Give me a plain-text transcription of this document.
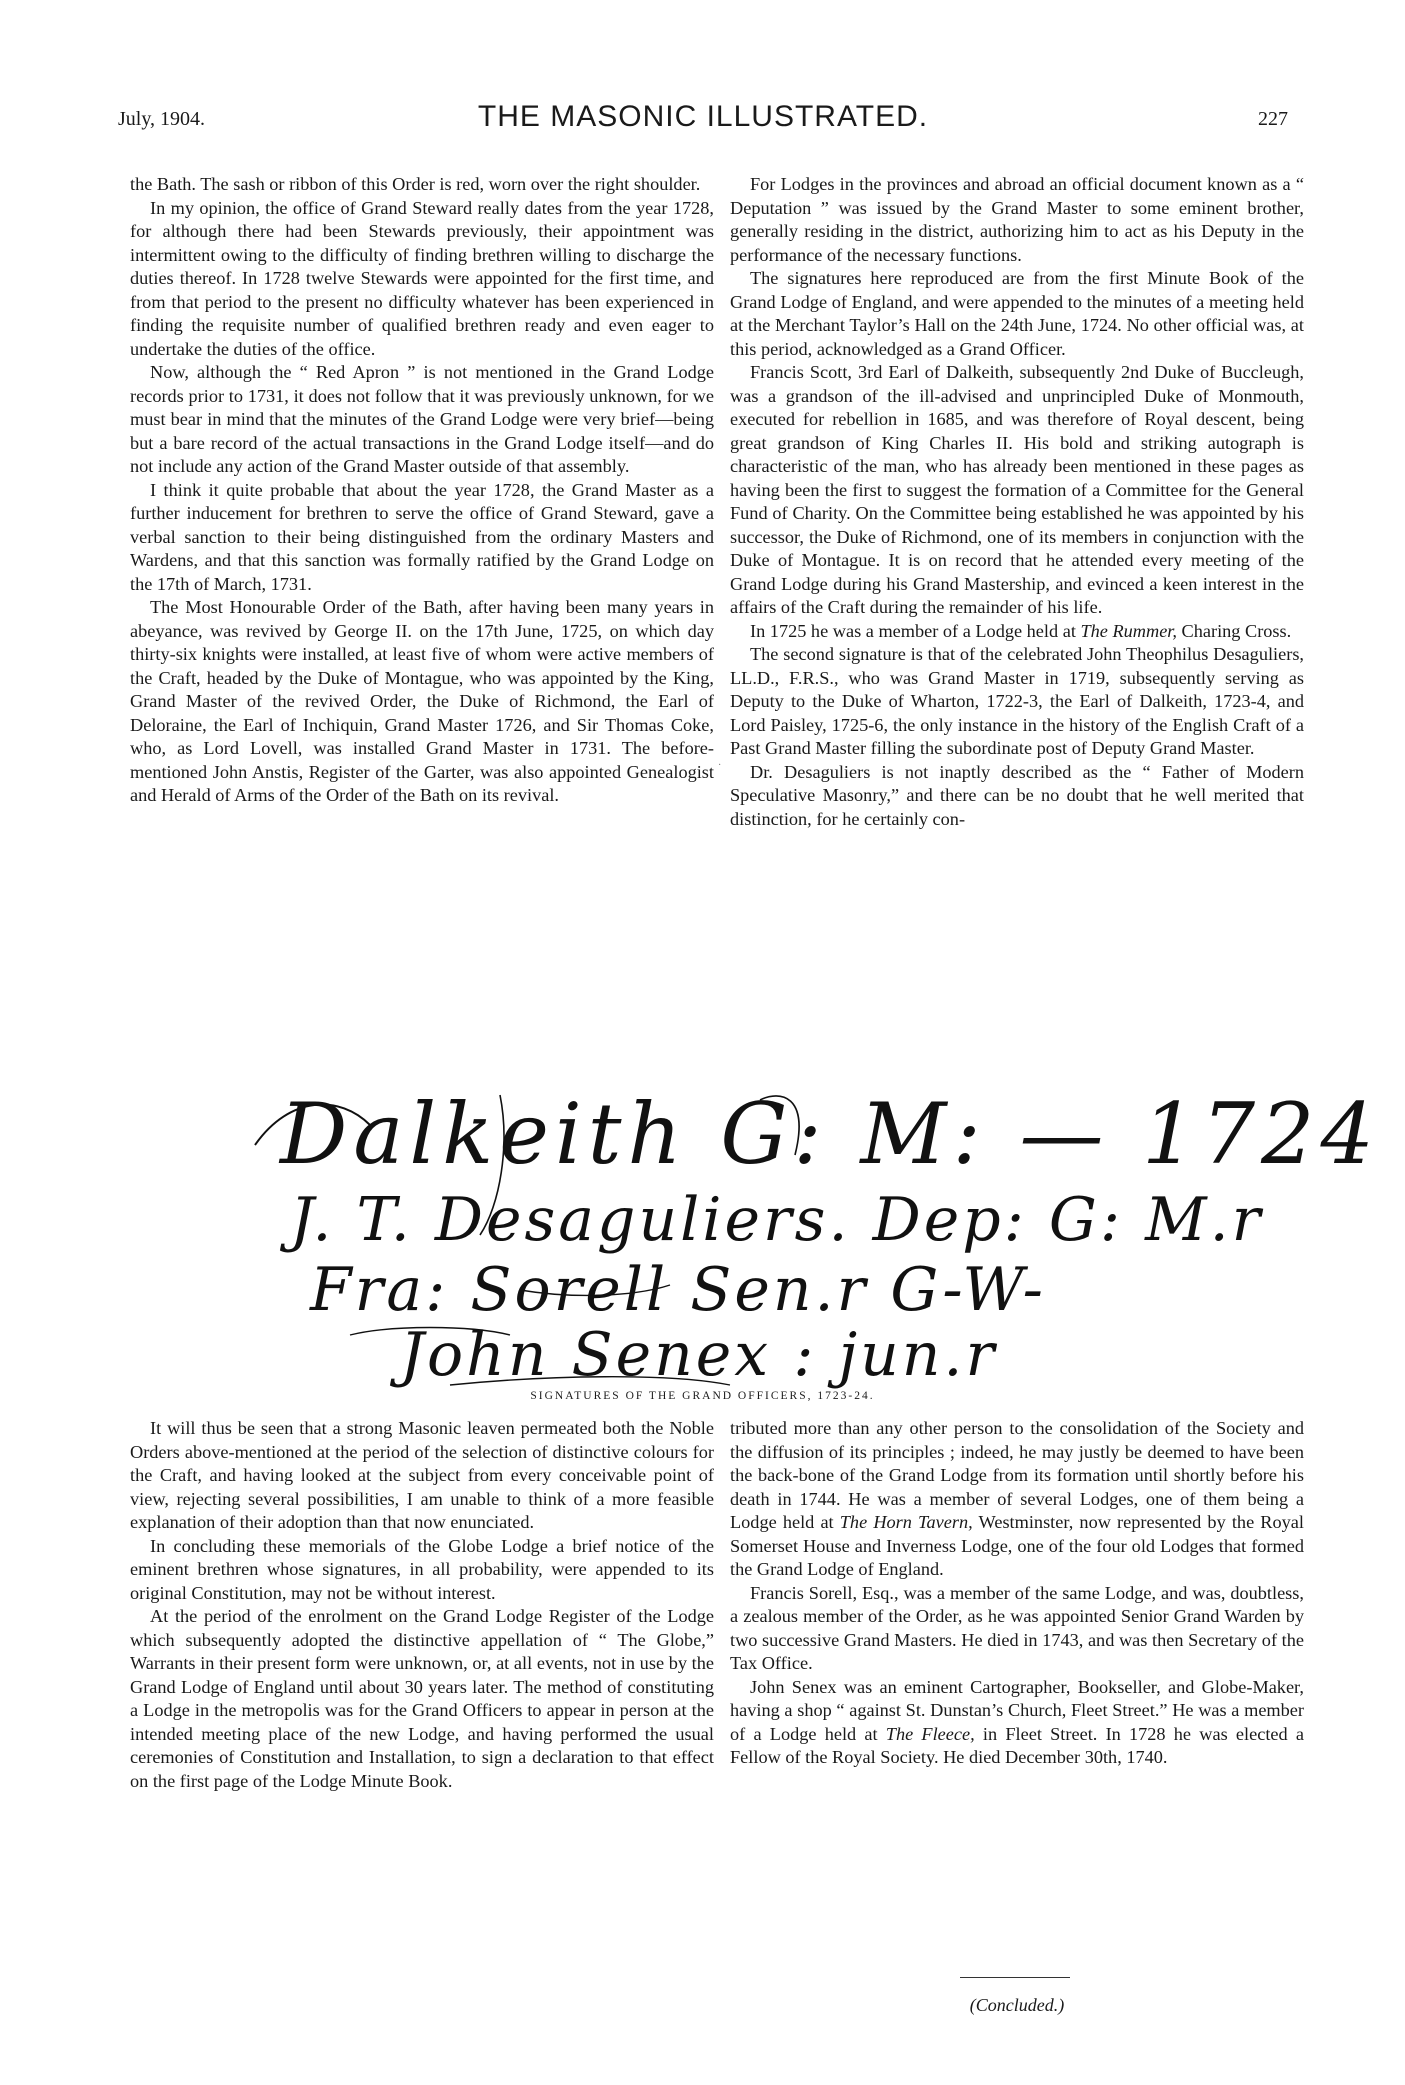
July, 1904.	THE MASONIC ILLUSTRATED.	227

the Bath. The sash or ribbon of this Order is red, worn over the right shoulder.

In my opinion, the office of Grand Steward really dates from the year 1728, for although there had been Stewards previously, their appointment was intermittent owing to the difficulty of finding brethren willing to discharge the duties thereof. In 1728 twelve Stewards were appointed for the first time, and from that period to the present no difficulty whatever has been experienced in finding the requisite number of qualified brethren ready and even eager to undertake the duties of the office.

Now, although the “ Red Apron ” is not mentioned in the Grand Lodge records prior to 1731, it does not follow that it was previously unknown, for we must bear in mind that the minutes of the Grand Lodge were very brief—being but a bare record of the actual transactions in the Grand Lodge itself—and do not include any action of the Grand Master outside of that assembly.

I think it quite probable that about the year 1728, the Grand Master as a further inducement for brethren to serve the office of Grand Steward, gave a verbal sanction to their being distinguished from the ordinary Masters and Wardens, and that this sanction was formally ratified by the Grand Lodge on the 17th of March, 1731.

The Most Honourable Order of the Bath, after having been many years in abeyance, was revived by George II. on the 17th June, 1725, on which day thirty-six knights were installed, at least five of whom were active members of the Craft, headed by the Duke of Montague, who was appointed by the King, Grand Master of the revived Order, the Duke of Richmond, the Earl of Deloraine, the Earl of Inchiquin, Grand Master 1726, and Sir Thomas Coke, who, as Lord Lovell, was installed Grand Master in 1731. The before-mentioned John Anstis, Register of the Garter, was also appointed Genealogist and Herald of Arms of the Order of the Bath on its revival.

For Lodges in the provinces and abroad an official document known as a “ Deputation ” was issued by the Grand Master to some eminent brother, generally residing in the district, authorizing him to act as his Deputy in the performance of the necessary functions.

The signatures here reproduced are from the first Minute Book of the Grand Lodge of England, and were appended to the minutes of a meeting held at the Merchant Taylor’s Hall on the 24th June, 1724. No other official was, at this period, acknowledged as a Grand Officer.

Francis Scott, 3rd Earl of Dalkeith, subsequently 2nd Duke of Buccleugh, was a grandson of the ill-advised and unprincipled Duke of Monmouth, executed for rebellion in 1685, and was therefore of Royal descent, being great grandson of King Charles II. His bold and striking autograph is characteristic of the man, who has already been mentioned in these pages as having been the first to suggest the formation of a Committee for the General Fund of Charity. On the Committee being established he was appointed by his successor, the Duke of Richmond, one of its members in conjunction with the Duke of Montague. It is on record that he attended every meeting of the Grand Lodge during his Grand Mastership, and evinced a keen interest in the affairs of the Craft during the remainder of his life.

In 1725 he was a member of a Lodge held at The Rummer, Charing Cross.

The second signature is that of the celebrated John Theophilus Desaguliers, LL.D., F.R.S., who was Grand Master in 1719, subsequently serving as Deputy to the Duke of Wharton, 1722-3, the Earl of Dalkeith, 1723-4, and Lord Paisley, 1725-6, the only instance in the history of the English Craft of a Past Grand Master filling the subordinate post of Deputy Grand Master.

Dr. Desaguliers is not inaptly described as the “ Father of Modern Speculative Masonry,” and there can be no doubt that he well merited that distinction, for he certainly con-

·
Dalkeith G: M: — 1724
J. T. Desaguliers. Dep: G: M.r
Fra: Sorell Sen.r G-W-
John Senex : jun.r
SIGNATURES OF THE GRAND OFFICERS, 1723-24.

It will thus be seen that a strong Masonic leaven permeated both the Noble Orders above-mentioned at the period of the selection of distinctive colours for the Craft, and having looked at the subject from every conceivable point of view, rejecting several possibilities, I am unable to think of a more feasible explanation of their adoption than that now enunciated.

In concluding these memorials of the Globe Lodge a brief notice of the eminent brethren whose signatures, in all probability, were appended to its original Constitution, may not be without interest.

At the period of the enrolment on the Grand Lodge Register of the Lodge which subsequently adopted the distinctive appellation of “ The Globe,” Warrants in their present form were unknown, or, at all events, not in use by the Grand Lodge of England until about 30 years later. The method of constituting a Lodge in the metropolis was for the Grand Officers to appear in person at the intended meeting place of the new Lodge, and having performed the usual ceremonies of Constitution and Installation, to sign a declaration to that effect on the first page of the Lodge Minute Book.

tributed more than any other person to the consolidation of the Society and the diffusion of its principles ; indeed, he may justly be deemed to have been the back-bone of the Grand Lodge from its formation until shortly before his death in 1744. He was a member of several Lodges, one of them being a Lodge held at The Horn Tavern, Westminster, now represented by the Royal Somerset House and Inverness Lodge, one of the four old Lodges that formed the Grand Lodge of England.

Francis Sorell, Esq., was a member of the same Lodge, and was, doubtless, a zealous member of the Order, as he was appointed Senior Grand Warden by two successive Grand Masters. He died in 1743, and was then Secretary of the Tax Office.

John Senex was an eminent Cartographer, Bookseller, and Globe-Maker, having a shop “ against St. Dunstan’s Church, Fleet Street.” He was a member of a Lodge held at The Fleece, in Fleet Street. In 1728 he was elected a Fellow of the Royal Society. He died December 30th, 1740.

(Concluded.)
